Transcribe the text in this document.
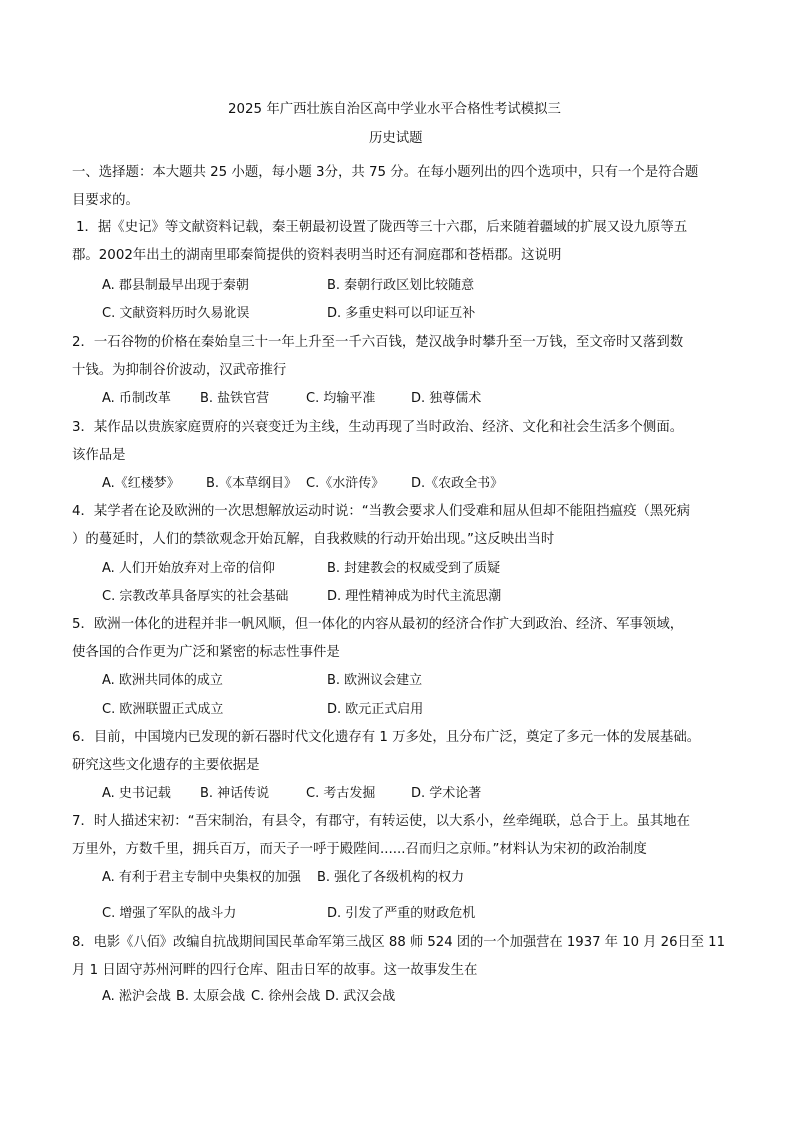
2025 年广西壮族自治区高中学业水平合格性考试模拟三
历史试题
一、选择题：本大题共 25 小题，每小题 3分，共 75 分。在每小题列出的四个选项中，只有一个是符合题
目要求的。
1．据《史记》等文献资料记载，秦王朝最初设置了陇西等三十六郡，后来随着疆域的扩展又设九原等五
郡。2002年出土的湖南里耶秦简提供的资料表明当时还有洞庭郡和苍梧郡。这说明
A. 郡县制最早出现于秦朝	B. 秦朝行政区划比较随意
C. 文献资料历时久易讹误	D. 多重史料可以印证互补
2．一石谷物的价格在秦始皇三十一年上升至一千六百钱，楚汉战争时攀升至一万钱，至文帝时又落到数
十钱。为抑制谷价波动，汉武帝推行
A. 币制改革 B. 盐铁官营	C. 均输平准	D. 独尊儒术
3．某作品以贵族家庭贾府的兴衰变迁为主线，生动再现了当时政治、经济、文化和社会生活多个侧面。
该作品是
A.《红楼梦》 B.《本草纲目》 C.《水浒传》 D.《农政全书》
4．某学者在论及欧洲的一次思想解放运动时说：“当教会要求人们受难和屈从但却不能阻挡瘟疫（黑死病
）的蔓延时，人们的禁欲观念开始瓦解，自我救赎的行动开始出现。”这反映出当时
A. 人们开始放弃对上帝的信仰	B. 封建教会的权威受到了质疑
C. 宗教改革具备厚实的社会基础	D. 理性精神成为时代主流思潮
5．欧洲一体化的进程并非一帆风顺，但一体化的内容从最初的经济合作扩大到政治、经济、军事领域，
使各国的合作更为广泛和紧密的标志性事件是
A. 欧洲共同体的成立	B. 欧洲议会建立
C. 欧洲联盟正式成立	D. 欧元正式启用
6．目前，中国境内已发现的新石器时代文化遗存有 1 万多处，且分布广泛，奠定了多元一体的发展基础。
研究这些文化遗存的主要依据是
A. 史书记载 B. 神话传说	C. 考古发掘	D. 学术论著
7．时人描述宋初：“吾宋制治，有县令，有郡守，有转运使，以大系小，丝牵绳联，总合于上。虽其地在
万里外，方数千里，拥兵百万，而天子一呼于殿陛间......召而归之京师。”材料认为宋初的政治制度
A. 有利于君主专制中央集权的加强 B. 强化了各级机构的权力
C. 增强了军队的战斗力	D. 引发了严重的财政危机
8．电影《八佰》改编自抗战期间国民革命军第三战区 88 师 524 团的一个加强营在 1937 年 10 月 26日至 11
月 1 日固守苏州河畔的四行仓库、阻击日军的故事。这一故事发生在
A. 淞沪会战 B. 太原会战 C. 徐州会战 D. 武汉会战
